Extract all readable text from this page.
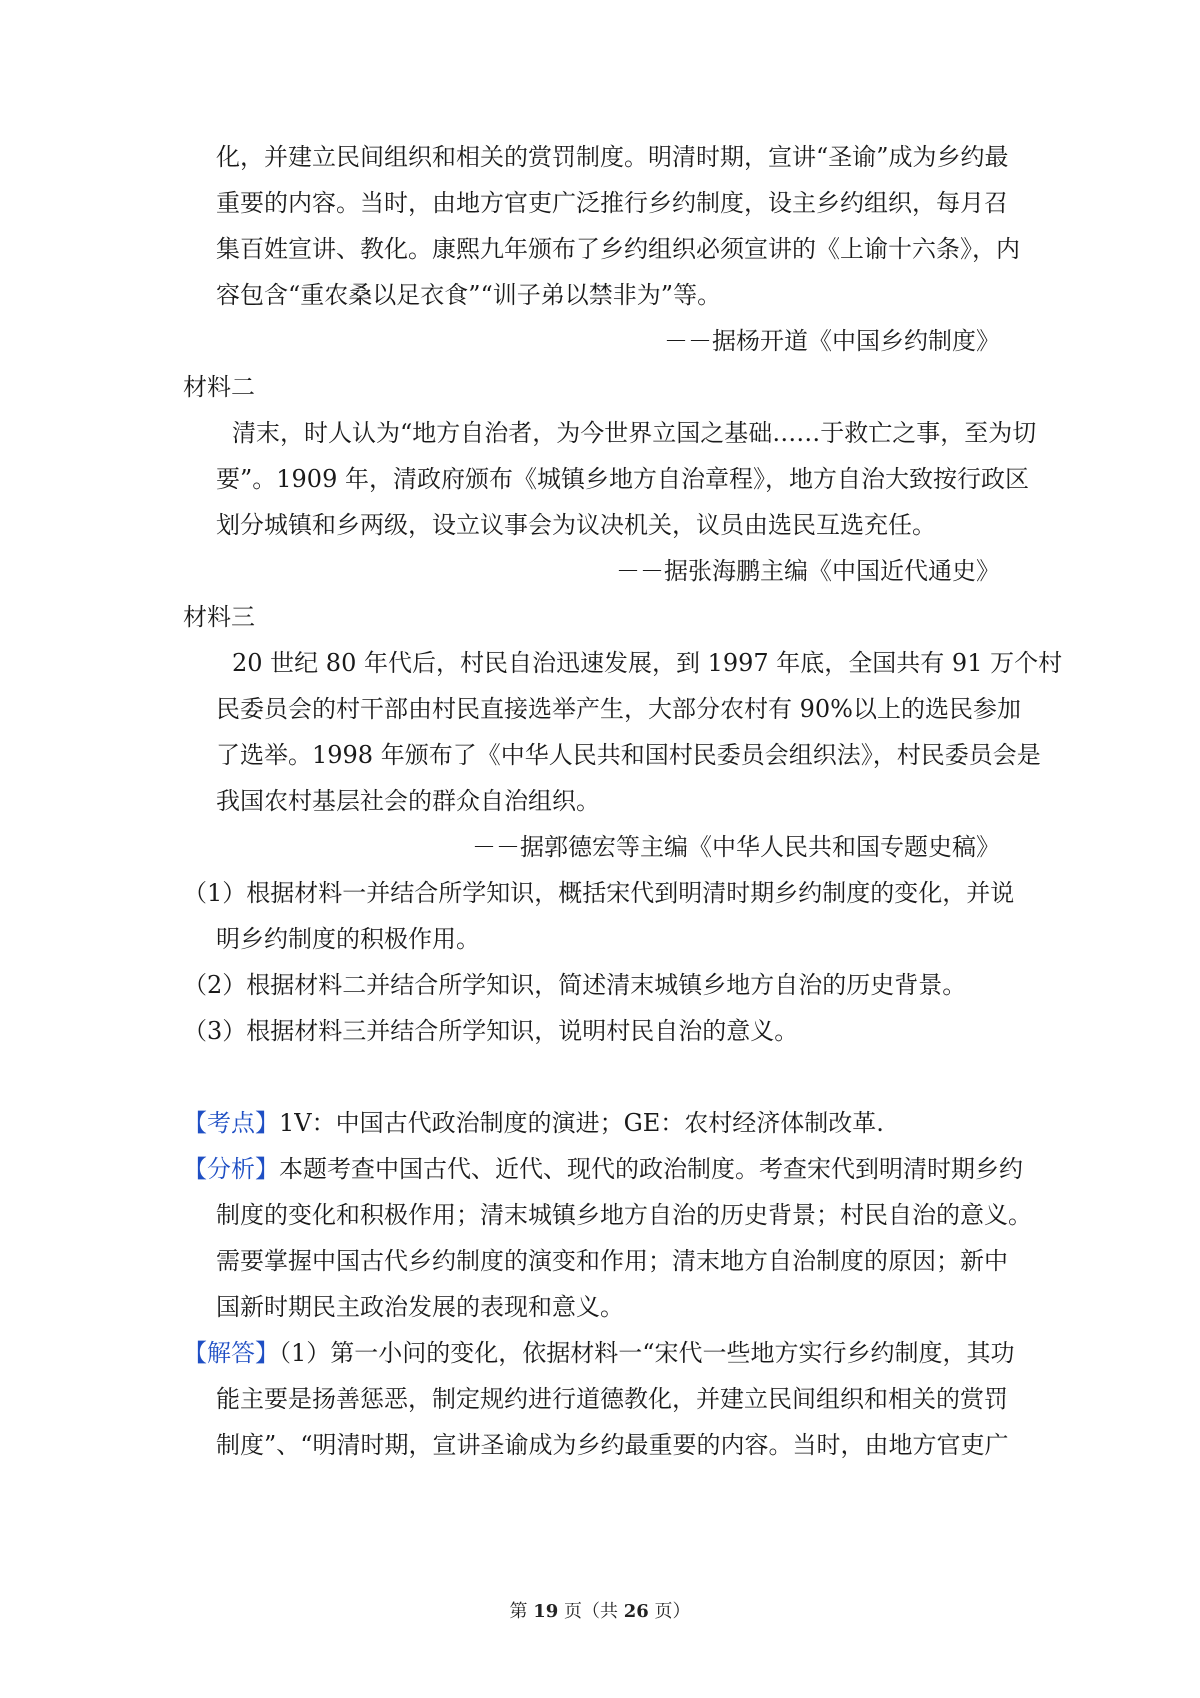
化，并建立民间组织和相关的赏罚制度。明清时期，宣讲“圣谕”成为乡约最
重要的内容。当时，由地方官吏广泛推行乡约制度，设主乡约组织，每月召
集百姓宣讲、教化。康熙九年颁布了乡约组织必须宣讲的《上谕十六条》，内
容包含“重农桑以足衣食”“训子弟以禁非为”等。
－－据杨开道《中国乡约制度》
材料二
清末，时人认为“地方自治者，为今世界立国之基础……于救亡之事，至为切
要”。1909 年，清政府颁布《城镇乡地方自治章程》，地方自治大致按行政区
划分城镇和乡两级，设立议事会为议决机关，议员由选民互选充任。
－－据张海鹏主编《中国近代通史》
材料三
20 世纪 80 年代后，村民自治迅速发展，到 1997 年底，全国共有 91 万个村
民委员会的村干部由村民直接选举产生，大部分农村有 90%以上的选民参加
了选举。1998 年颁布了《中华人民共和国村民委员会组织法》，村民委员会是
我国农村基层社会的群众自治组织。
－－据郭德宏等主编《中华人民共和国专题史稿》
（1）根据材料一并结合所学知识，概括宋代到明清时期乡约制度的变化，并说
明乡约制度的积极作用。
（2）根据材料二并结合所学知识，简述清末城镇乡地方自治的历史背景。
（3）根据材料三并结合所学知识，说明村民自治的意义。
【考点】1V：中国古代政治制度的演进；GE：农村经济体制改革.
【分析】本题考查中国古代、近代、现代的政治制度。考查宋代到明清时期乡约
制度的变化和积极作用；清末城镇乡地方自治的历史背景；村民自治的意义。
需要掌握中国古代乡约制度的演变和作用；清末地方自治制度的原因；新中
国新时期民主政治发展的表现和意义。
【解答】（1）第一小问的变化，依据材料一“宋代一些地方实行乡约制度，其功
能主要是扬善惩恶，制定规约进行道德教化，并建立民间组织和相关的赏罚
制度”、“明清时期，宣讲圣谕成为乡约最重要的内容。当时，由地方官吏广
第 19 页（共 26 页）
